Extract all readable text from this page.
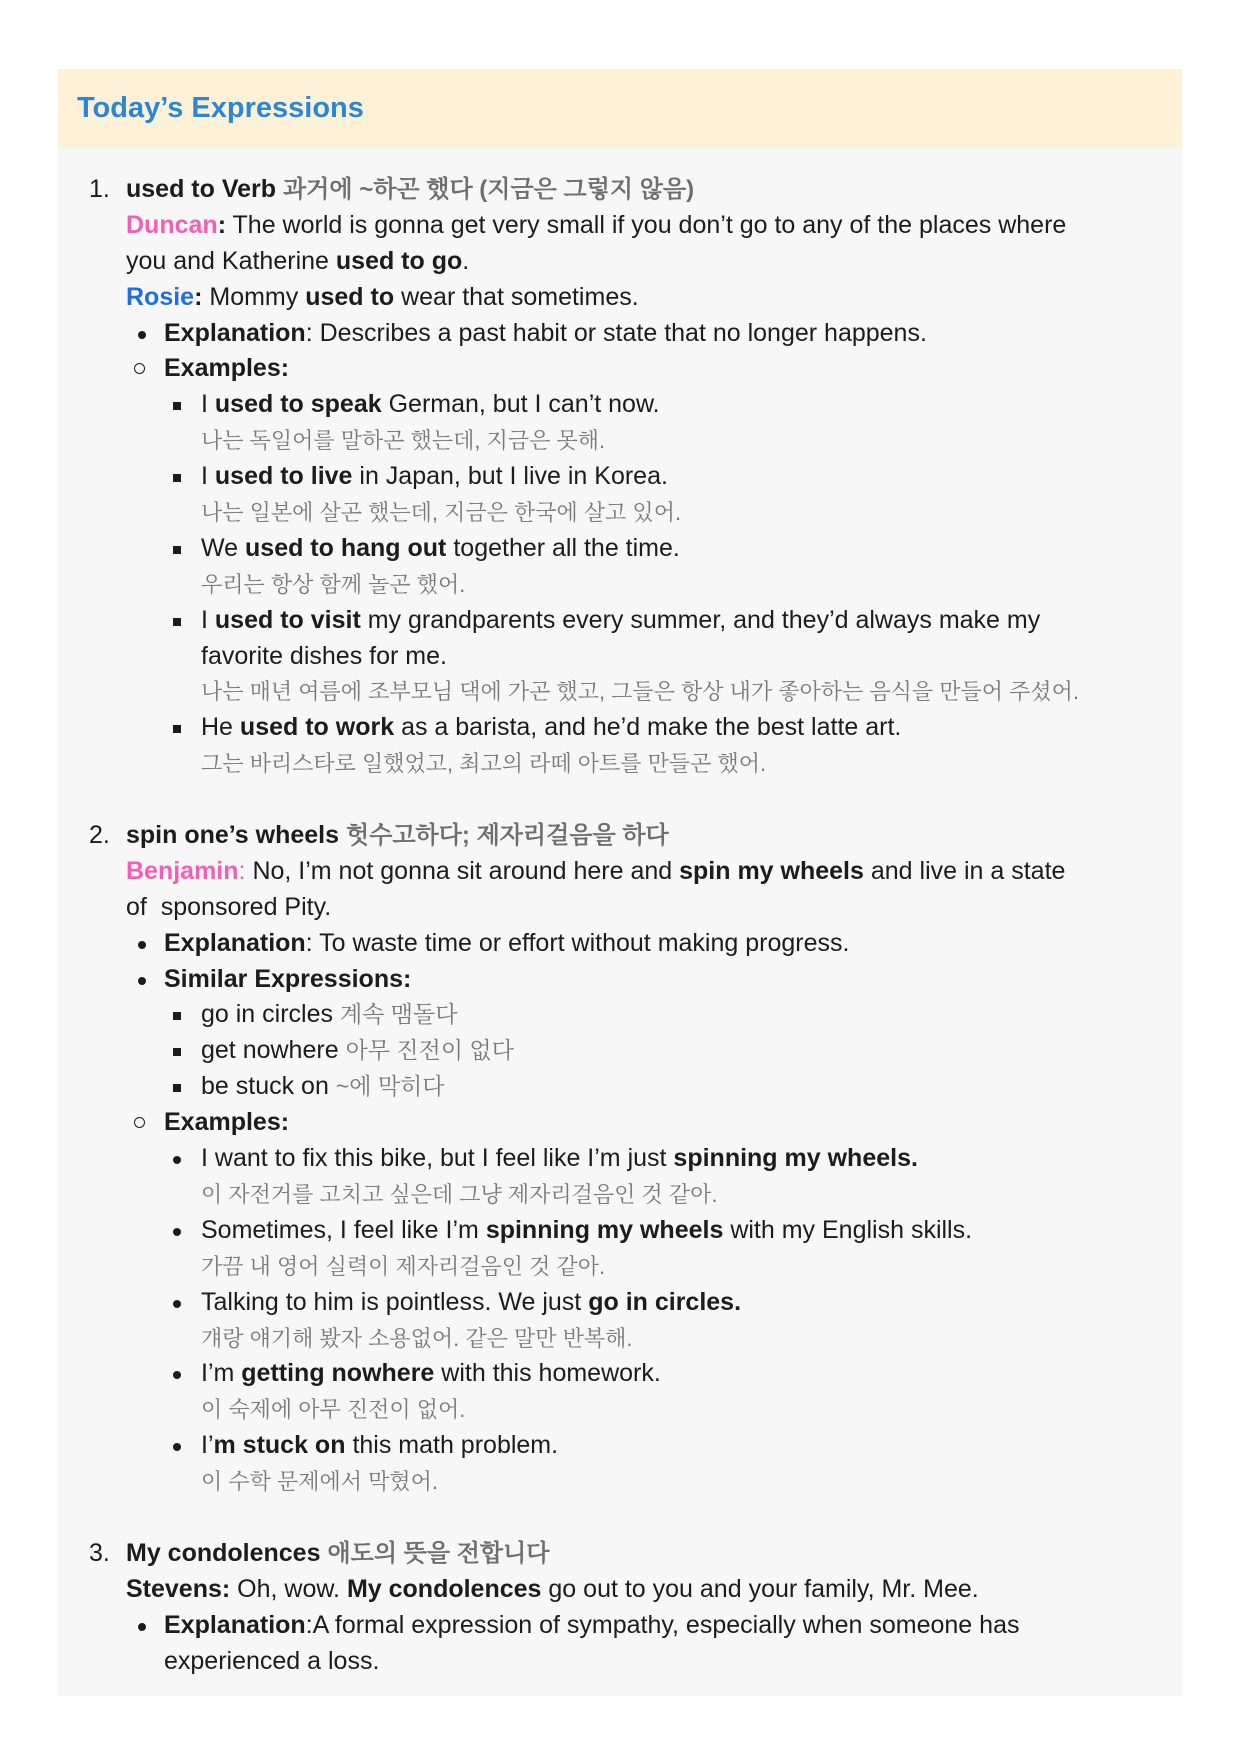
Today’s Expressions
1. used to Verb 과거에 ~하곤 했다 (지금은 그렇지 않음)
Duncan: The world is gonna get very small if you don’t go to any of the places where
you and Katherine used to go.
Rosie: Mommy used to wear that sometimes.
Explanation: Describes a past habit or state that no longer happens.
Examples:
I used to speak German, but I can’t now.
나는 독일어를 말하곤 했는데, 지금은 못해.
I used to live in Japan, but I live in Korea.
나는 일본에 살곤 했는데, 지금은 한국에 살고 있어.
We used to hang out together all the time.
우리는 항상 함께 놀곤 했어.
I used to visit my grandparents every summer, and they’d always make my
favorite dishes for me.
나는 매년 여름에 조부모님 댁에 가곤 했고, 그들은 항상 내가 좋아하는 음식을 만들어 주셨어.
He used to work as a barista, and he’d make the best latte art.
그는 바리스타로 일했었고, 최고의 라떼 아트를 만들곤 했어.
2. spin one’s wheels 헛수고하다; 제자리걸음을 하다
Benjamin: No, I’m not gonna sit around here and spin my wheels and live in a state
of  sponsored Pity.
Explanation: To waste time or effort without making progress.
Similar Expressions:
go in circles 계속 맴돌다
get nowhere 아무 진전이 없다
be stuck on ~에 막히다
Examples:
I want to fix this bike, but I feel like I’m just spinning my wheels.
이 자전거를 고치고 싶은데 그냥 제자리걸음인 것 같아.
Sometimes, I feel like I’m spinning my wheels with my English skills.
가끔 내 영어 실력이 제자리걸음인 것 같아.
Talking to him is pointless. We just go in circles.
걔랑 얘기해 봤자 소용없어. 같은 말만 반복해.
I’m getting nowhere with this homework.
이 숙제에 아무 진전이 없어.
I’m stuck on this math problem.
이 수학 문제에서 막혔어.
3. My condolences 애도의 뜻을 전합니다
Stevens: Oh, wow. My condolences go out to you and your family, Mr. Mee.
Explanation:A formal expression of sympathy, especially when someone has
experienced a loss.
